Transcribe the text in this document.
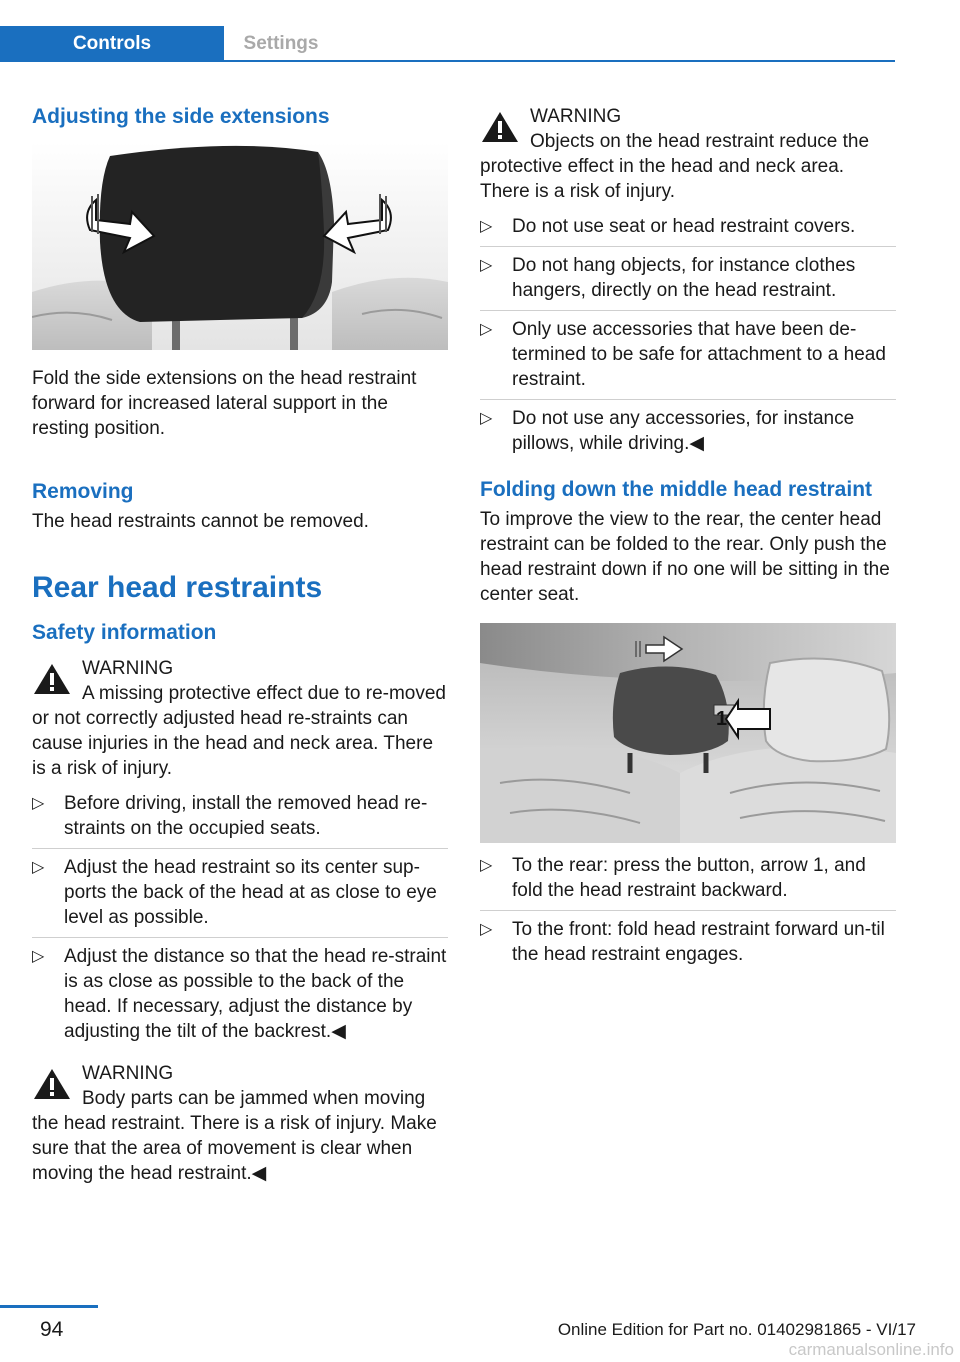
Controls	Settings
Adjusting the side extensions

Fold the side extensions on the head restraint forward for increased lateral support in the resting position.

Removing

The head restraints cannot be removed.

Rear head restraints
Safety information
WARNING
A missing protective effect due to re-moved or not correctly adjusted head re-straints can cause injuries in the head and neck area. There is a risk of injury.
▷ Before driving, install the removed head re-straints on the occupied seats.
▷ Adjust the head restraint so its center sup-ports the back of the head at as close to eye level as possible.
▷ Adjust the distance so that the head re-straint is as close as possible to the back of the head. If necessary, adjust the distance by adjusting the tilt of the backrest.◀
WARNING
Body parts can be jammed when moving the head restraint. There is a risk of injury. Make sure that the area of movement is clear when moving the head restraint.◀
WARNING
Objects on the head restraint reduce the protective effect in the head and neck area. There is a risk of injury.
▷ Do not use seat or head restraint covers.
▷ Do not hang objects, for instance clothes hangers, directly on the head restraint.
▷ Only use accessories that have been de-termined to be safe for attachment to a head restraint.
▷ Do not use any accessories, for instance pillows, while driving.◀
Folding down the middle head restraint

To improve the view to the rear, the center head restraint can be folded to the rear. Only push the head restraint down if no one will be sitting in the center seat.

1
▷ To the rear: press the button, arrow 1, and fold the head restraint backward.
▷ To the front: fold head restraint forward un-til the head restraint engages.
94	Online Edition for Part no. 01402981865 - VI/17
carmanualsonline.info
